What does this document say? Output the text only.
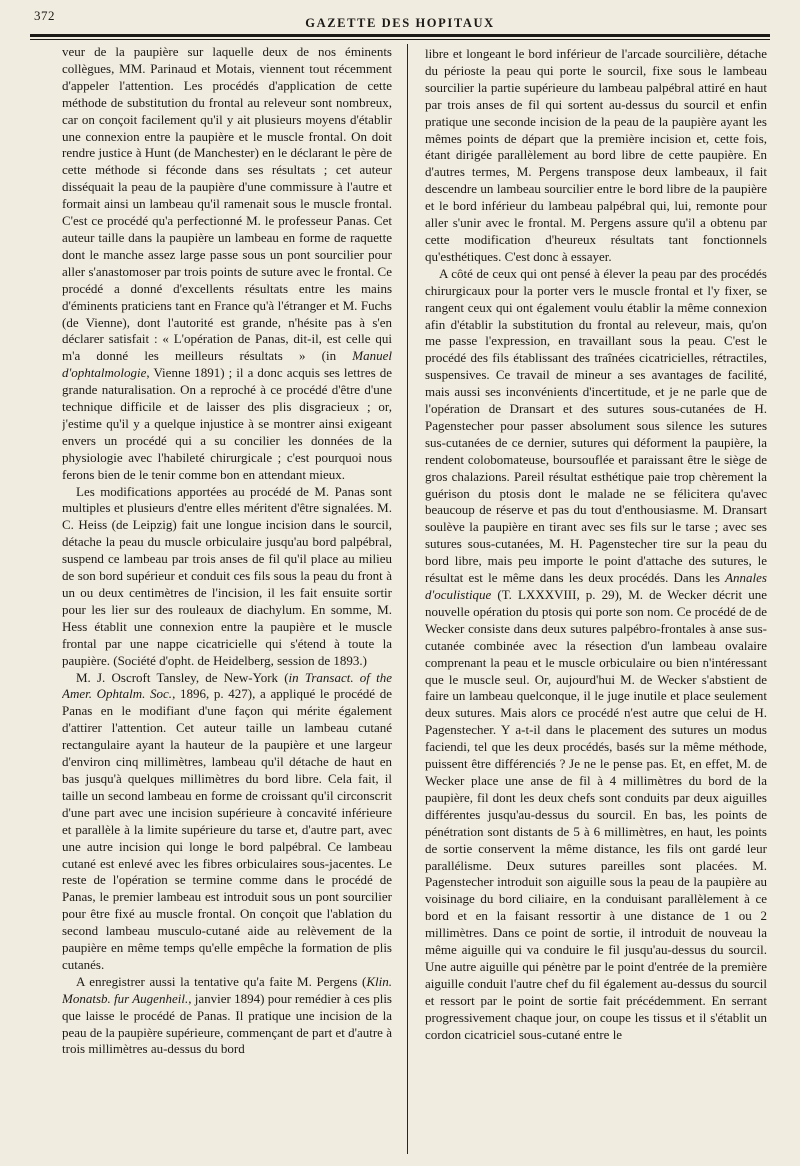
372	GAZETTE DES HOPITAUX

veur de la paupière sur laquelle deux de nos éminents collègues, MM. Parinaud et Motais, viennent tout récemment d'appeler l'attention. Les procédés d'application de cette méthode de substitution du frontal au releveur sont nombreux, car on conçoit facilement qu'il y ait plusieurs moyens d'établir une connexion entre la paupière et le muscle frontal. On doit rendre justice à Hunt (de Manchester) en le déclarant le père de cette méthode si féconde dans ses résultats ; cet auteur disséquait la peau de la paupière d'une commissure à l'autre et formait ainsi un lambeau qu'il ramenait sous le muscle frontal. C'est ce procédé qu'a perfectionné M. le professeur Panas. Cet auteur taille dans la paupière un lambeau en forme de raquette dont le manche assez large passe sous un pont sourcilier pour aller s'anastomoser par trois points de suture avec le frontal. Ce procédé a donné d'excellents résultats entre les mains d'éminents praticiens tant en France qu'à l'étranger et M. Fuchs (de Vienne), dont l'autorité est grande, n'hésite pas à s'en déclarer satisfait : « L'opération de Panas, dit-il, est celle qui m'a donné les meilleurs résultats » (in Manuel d'ophtalmologie, Vienne 1891) ; il a donc acquis ses lettres de grande naturalisation. On a reproché à ce procédé d'être d'une technique difficile et de laisser des plis disgracieux ; or, j'estime qu'il y a quelque injustice à se montrer ainsi exigeant envers un procédé qui a su concilier les données de la physiologie avec l'habileté chirurgicale ; c'est pourquoi nous ferons bien de le tenir comme bon en attendant mieux.

Les modifications apportées au procédé de M. Panas sont multiples et plusieurs d'entre elles méritent d'être signalées. M. C. Heiss (de Leipzig) fait une longue incision dans le sourcil, détache la peau du muscle orbiculaire jusqu'au bord palpébral, suspend ce lambeau par trois anses de fil qu'il place au milieu de son bord supérieur et conduit ces fils sous la peau du front à un ou deux centimètres de l'incision, il les fait ensuite sortir pour les lier sur des rouleaux de diachylum. En somme, M. Hess établit une connexion entre la paupière et le muscle frontal par une nappe cicatricielle qui s'étend à toute la paupière. (Société d'opht. de Heidelberg, session de 1893.)

M. J. Oscroft Tansley, de New-York (in Transact. of the Amer. Ophtalm. Soc., 1896, p. 427), a appliqué le procédé de Panas en le modifiant d'une façon qui mérite également d'attirer l'attention. Cet auteur taille un lambeau cutané rectangulaire ayant la hauteur de la paupière et une largeur d'environ cinq millimètres, lambeau qu'il détache de haut en bas jusqu'à quelques millimètres du bord libre. Cela fait, il taille un second lambeau en forme de croissant qu'il circonscrit d'une part avec une incision supérieure à concavité inférieure et parallèle à la limite supérieure du tarse et, d'autre part, avec une autre incision qui longe le bord palpébral. Ce lambeau cutané est enlevé avec les fibres orbiculaires sous-jacentes. Le reste de l'opération se termine comme dans le procédé de Panas, le premier lambeau est introduit sous un pont sourcilier pour être fixé au muscle frontal. On conçoit que l'ablation du second lambeau musculo-cutané aide au relèvement de la paupière en même temps qu'elle empêche la formation de plis cutanés.

A enregistrer aussi la tentative qu'a faite M. Pergens (Klin. Monatsb. fur Augenheil., janvier 1894) pour remédier à ces plis que laisse le procédé de Panas. Il pratique une incision de la peau de la paupière supérieure, commençant de part et d'autre à trois millimètres au-dessus du bord

libre et longeant le bord inférieur de l'arcade sourcilière, détache du périoste la peau qui porte le sourcil, fixe sous le lambeau sourcilier la partie supérieure du lambeau palpébral attiré en haut par trois anses de fil qui sortent au-dessus du sourcil et enfin pratique une seconde incision de la peau de la paupière ayant les mêmes points de départ que la première incision et, cette fois, étant dirigée parallèlement au bord libre de cette paupière. En d'autres termes, M. Pergens transpose deux lambeaux, il fait descendre un lambeau sourcilier entre le bord libre de la paupière et le bord inférieur du lambeau palpébral qui, lui, remonte pour aller s'unir avec le frontal. M. Pergens assure qu'il a obtenu par cette modification d'heureux résultats tant fonctionnels qu'esthétiques. C'est donc à essayer.

A côté de ceux qui ont pensé à élever la peau par des procédés chirurgicaux pour la porter vers le muscle frontal et l'y fixer, se rangent ceux qui ont également voulu établir la même connexion afin d'établir la substitution du frontal au releveur, mais, qu'on me passe l'expression, en travaillant sous la peau. C'est le procédé des fils établissant des traînées cicatricielles, rétractiles, suspensives. Ce travail de mineur a ses avantages de facilité, mais aussi ses inconvénients d'incertitude, et je ne parle que de l'opération de Dransart et des sutures sous-cutanées de H. Pagenstecher pour passer absolument sous silence les sutures sus-cutanées de ce dernier, sutures qui déforment la paupière, la rendent colobomateuse, boursouflée et paraissant être le siège de gros chalazions. Pareil résultat esthétique paie trop chèrement la guérison du ptosis dont le malade ne se félicitera qu'avec beaucoup de réserve et pas du tout d'enthousiasme. M. Dransart soulève la paupière en tirant avec ses fils sur le tarse ; avec ses sutures sous-cutanées, M. H. Pagenstecher tire sur la peau du bord libre, mais peu importe le point d'attache des sutures, le résultat est le même dans les deux procédés. Dans les Annales d'oculistique (T. LXXXVIII, p. 29), M. de Wecker décrit une nouvelle opération du ptosis qui porte son nom. Ce procédé de de Wecker consiste dans deux sutures palpébro-frontales à anse sus-cutanée combinée avec la résection d'un lambeau ovalaire comprenant la peau et le muscle orbiculaire ou bien n'intéressant que le muscle seul. Or, aujourd'hui M. de Wecker s'abstient de faire un lambeau quelconque, il le juge inutile et place seulement deux sutures. Mais alors ce procédé n'est autre que celui de H. Pagenstecher. Y a-t-il dans le placement des sutures un modus faciendi, tel que les deux procédés, basés sur la même méthode, puissent être différenciés ? Je ne le pense pas. Et, en effet, M. de Wecker place une anse de fil à 4 millimètres du bord de la paupière, fil dont les deux chefs sont conduits par deux aiguilles différentes jusqu'au-dessus du sourcil. En bas, les points de pénétration sont distants de 5 à 6 millimètres, en haut, les points de sortie conservent la même distance, les fils ont gardé leur parallélisme. Deux sutures pareilles sont placées. M. Pagenstecher introduit son aiguille sous la peau de la paupière au voisinage du bord ciliaire, en la conduisant parallèlement à ce bord et en la faisant ressortir à une distance de 1 ou 2 millimètres. Dans ce point de sortie, il introduit de nouveau la même aiguille qui va conduire le fil jusqu'au-dessus du sourcil. Une autre aiguille qui pénètre par le point d'entrée de la première aiguille conduit l'autre chef du fil également au-dessus du sourcil et ressort par le point de sortie fait précédemment. En serrant progressivement chaque jour, on coupe les tissus et il s'établit un cordon cicatriciel sous-cutané entre le
